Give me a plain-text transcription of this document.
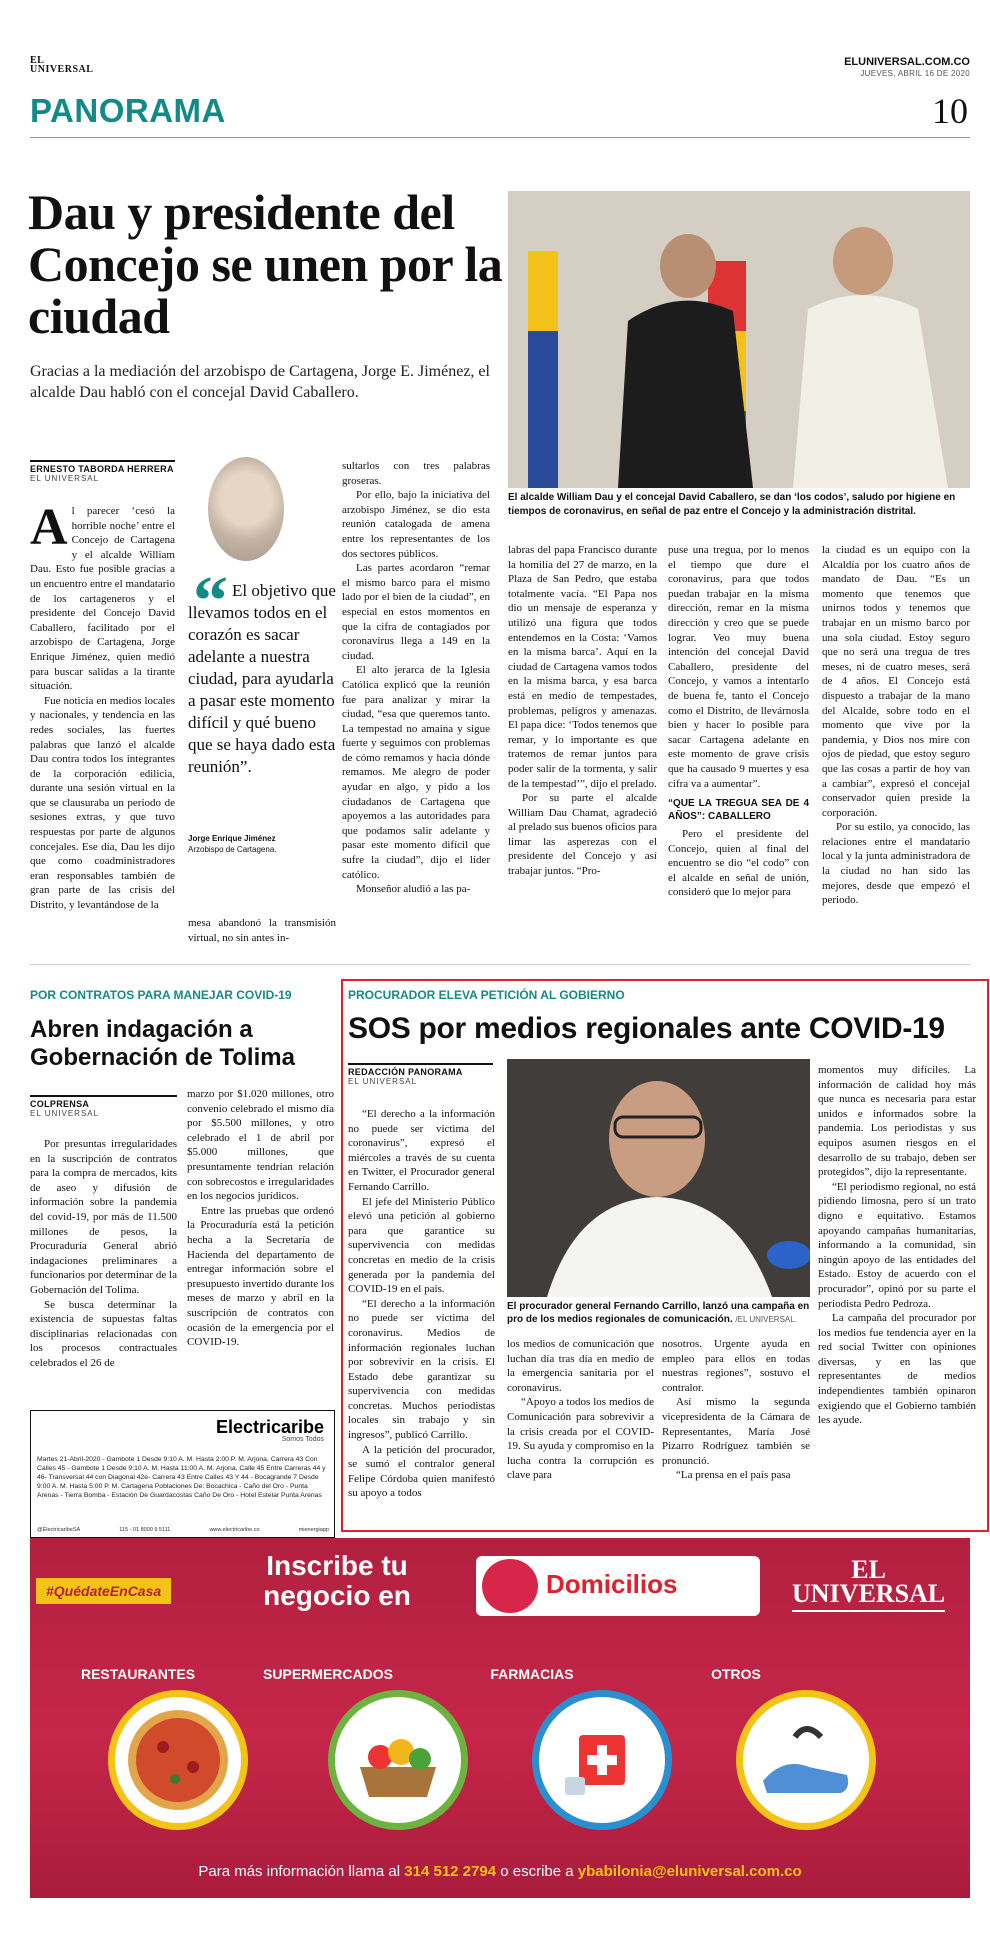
EL
UNIVERSAL
ELUNIVERSAL.COM.CO
JUEVES, ABRIL 16 DE 2020
PANORAMA	10
Dau y presidente del Concejo se unen por la ciudad
Gracias a la mediación del arzobispo de Cartagena, Jorge E. Jiménez, el alcalde Dau habló con el concejal David Caballero.
El alcalde William Dau y el concejal David Caballero, se dan ‘los codos’, saludo por higiene en tiempos de coronavirus, en señal de paz entre el Concejo y la administración distrital.
ERNESTO TABORDA HERRERA
EL UNIVERSAL
A l parecer ‘cesó la horrible noche’ entre el Concejo de Cartagena y el alcalde William Dau. Esto fue posible gracias a un encuentro entre el mandatario de los cartageneros y el presidente del Concejo David Caballero, facilitado por el arzobispo de Cartagena, Jorge Enrique Jiménez, quien medió para buscar salidas a la tirante situación.

Fue noticia en medios locales y nacionales, y tendencia en las redes sociales, las fuertes palabras que lanzó el alcalde Dau contra todos los integrantes de la corporación edilicia, durante una sesión virtual en la que se clausuraba un periodo de sesiones extras, y que tuvo respuestas por parte de algunos concejales. Ese día, Dau les dijo que como coadministradores eran responsables también de gran parte de las crisis del Distrito, y levantándose de la

“ El objetivo que llevamos todos en el corazón es sacar adelante a nuestra ciudad, para ayudarla a pasar este momento difícil y qué bueno que se haya dado esta reunión”.
Jorge Enrique Jiménez
Arzobispo de Cartagena.

sultarlos con tres palabras groseras.

Por ello, bajo la iniciativa del arzobispo Jiménez, se dio esta reunión catalogada de amena entre los representantes de los dos sectores públicos.

Las partes acordaron “remar el mismo barco para el mismo lado por el bien de la ciudad”, en especial en estos momentos en que la cifra de contagiados por coronavirus llega a 149 en la ciudad.

El alto jerarca de la Iglesia Católica explicó que la reunión fue para analizar y mirar la ciudad, “esa que queremos tanto. La tempestad no amaina y sigue fuerte y seguimos con problemas de cómo remamos y hacia dónde remamos. Me alegro de poder ayudar en algo, y pido a los ciudadanos de Cartagena que apoyemos a las autoridades para que podamos salir adelante y pasar este momento difícil que sufre la ciudad”, dijo el líder católico.

Monseñor aludió a las pa-

mesa abandonó la transmisión virtual, no sin antes in-

labras del papa Francisco durante la homilía del 27 de marzo, en la Plaza de San Pedro, que estaba totalmente vacía. “El Papa nos dio un mensaje de esperanza y utilizó una figura que todos entendemos en la Costa: ‘Vamos en la misma barca’. Aquí en la ciudad de Cartagena vamos todos en la misma barca, y esa barca está en medio de tempestades, problemas, peligros y amenazas. El papa dice: ‘Todos tenemos que remar, y lo importante es que tratemos de remar juntos para poder salir de la tormenta, y salir de la tempestad’”, dijo el prelado.

Por su parte el alcalde William Dau Chamat, agradeció al prelado sus buenos oficios para limar las asperezas con el presidente del Concejo y así trabajar juntos. “Pro-

puse una tregua, por lo menos el tiempo que dure el coronavirus, para que todos puedan trabajar en la misma dirección, remar en la misma dirección y creo que se puede lograr. Veo muy buena intención del concejal David Caballero, presidente del Concejo, y vamos a intentarlo de buena fe, tanto el Concejo como el Distrito, de llevárnosla bien y hacer lo posible para sacar Cartagena adelante en este momento de grave crisis que ha causado 9 muertes y esa cifra va a aumentar”.

“QUE LA TREGUA SEA DE 4 AÑOS”: CABALLERO

Pero el presidente del Concejo, quien al final del encuentro se dio “el codo” con el alcalde en señal de unión, consideró que lo mejor para

la ciudad es un equipo con la Alcaldía por los cuatro años de mandato de Dau. “Es un momento que tenemos que unirnos todos y tenemos que trabajar en un mismo barco por una sola ciudad. Estoy seguro que no será una tregua de tres meses, ni de cuatro meses, será de 4 años. El Concejo está dispuesto a trabajar de la mano del Alcalde, sobre todo en el momento que vive por la pandemia, y Dios nos mire con ojos de piedad, que estoy seguro que las cosas a partir de hoy van a cambiar”, expresó el concejal conservador quien preside la corporación.

Por su estilo, ya conocido, las relaciones entre el mandatario local y la junta administradora de la ciudad no han sido las mejores, desde que empezó el periodo.

POR CONTRATOS PARA MANEJAR COVID-19
Abren indagación a Gobernación de Tolima
COLPRENSA
EL UNIVERSAL

Por presuntas irregularidades en la suscripción de contratos para la compra de mercados, kits de aseo y difusión de información sobre la pandemia del covid-19, por más de 11.500 millones de pesos, la Procuraduría General abrió indagaciones preliminares a funcionarios por determinar de la Gobernación del Tolima.

Se busca determinar la existencia de supuestas faltas disciplinarias relacionadas con los procesos contractuales celebrados el 26 de

marzo por $1.020 millones, otro convenio celebrado el mismo día por $5.500 millones, y otro celebrado el 1 de abril por $5.000 millones, que presuntamente tendrían relación con sobrecostos e irregularidades en los negocios jurídicos.

Entre las pruebas que ordenó la Procuraduría está la petición hecha a la Secretaría de Hacienda del departamento de entregar información sobre el presupuesto invertido durante los meses de marzo y abril en la suscripción de contratos con ocasión de la emergencia por el COVID-19.

Electricaribe
Somos Todos
Martes 21-Abril-2020 - Gambote 1 Desde 9:10 A. M. Hasta 2:00 P. M. Arjona, Carrera 43 Con Calles 45 - Gambote 1 Desde 9:10 A. M. Hasta 11:00 A. M. Arjona, Calle 45 Entre Carreras 44 y 46- Transversal 44 con Diagonal 42e- Carrera 43 Entre Calles 43 Y 44 - Bocagrande 7 Desde 9:00 A. M. Hasta 5:00 P. M. Cartagena Poblaciones De: Bocachica - Caño del Oro - Punta Arenas - Tierra Bomba - Estación De Guardacostas Caño De Oro - Hotel Estelar Punta Arenas
@ElectricaribeSA	115 - 01 8000 9 5111	www.electricaribe.co	mienergiapp
PROCURADOR ELEVA PETICIÓN AL GOBIERNO
SOS por medios regionales ante COVID-19
REDACCIÓN PANORAMA
EL UNIVERSAL
El procurador general Fernando Carrillo, lanzó una campaña en pro de los medios regionales de comunicación. /EL UNIVERSAL.

“El derecho a la información no puede ser víctima del coronavirus”, expresó el miércoles a través de su cuenta en Twitter, el Procurador general Fernando Carrillo.

El jefe del Ministerio Público elevó una petición al gobierno para que garantice su supervivencia con medidas concretas en medio de la crisis generada por la pandemia del COVID-19 en el país.

“El derecho a la información no puede ser víctima del coronavirus. Medios de información regionales luchan por sobrevivir en la crisis. El Estado debe garantizar su supervivencia con medidas concretas. Muchos periodistas locales sin trabajo y sin ingresos”, publicó Carrillo.

A la petición del procurador, se sumó el contralor general Felipe Córdoba quien manifestó su apoyo a todos

los medios de comunicación que luchan día tras día en medio de la emergencia sanitaria por el coronavirus.

“Apoyo a todos los medios de Comunicación para sobrevivir a la crisis creada por el COVID-19. Su ayuda y compromiso en la lucha contra la corrupción es clave para

nosotros. Urgente ayuda en empleo para ellos en todas nuestras regiones”, sostuvo el contralor.

Así mismo la segunda vicepresidenta de la Cámara de Representantes, María José Pizarro Rodríguez también se pronunció.

“La prensa en el país pasa

momentos muy difíciles. La información de calidad hoy más que nunca es necesaria para estar unidos e informados sobre la pandemia. Los periodistas y sus equipos asumen riesgos en el desarrollo de su trabajo, deben ser protegidos”, dijo la representante.

“El periodismo regional, no está pidiendo limosna, pero sí un trato digno e equitativo. Estamos apoyando campañas humanitarias, informando a la comunidad, sin ningún apoyo de las entidades del Estado. Estoy de acuerdo con el procurador”, opinó por su parte el periodista Pedro Pedroza.

La campaña del procurador por los medios fue tendencia ayer en la red social Twitter con opiniones diversas, y en las que representantes de medios independientes también opinaron exigiendo que el Gobierno también les ayude.

#QuédateEnCasa
Inscribe tu negocio en	Domicilios	EL
UNIVERSAL
RESTAURANTES	SUPERMERCADOS	FARMACIAS	OTROS
Para más información llama al 314 512 2794 o escribe a ybabilonia@eluniversal.com.co
